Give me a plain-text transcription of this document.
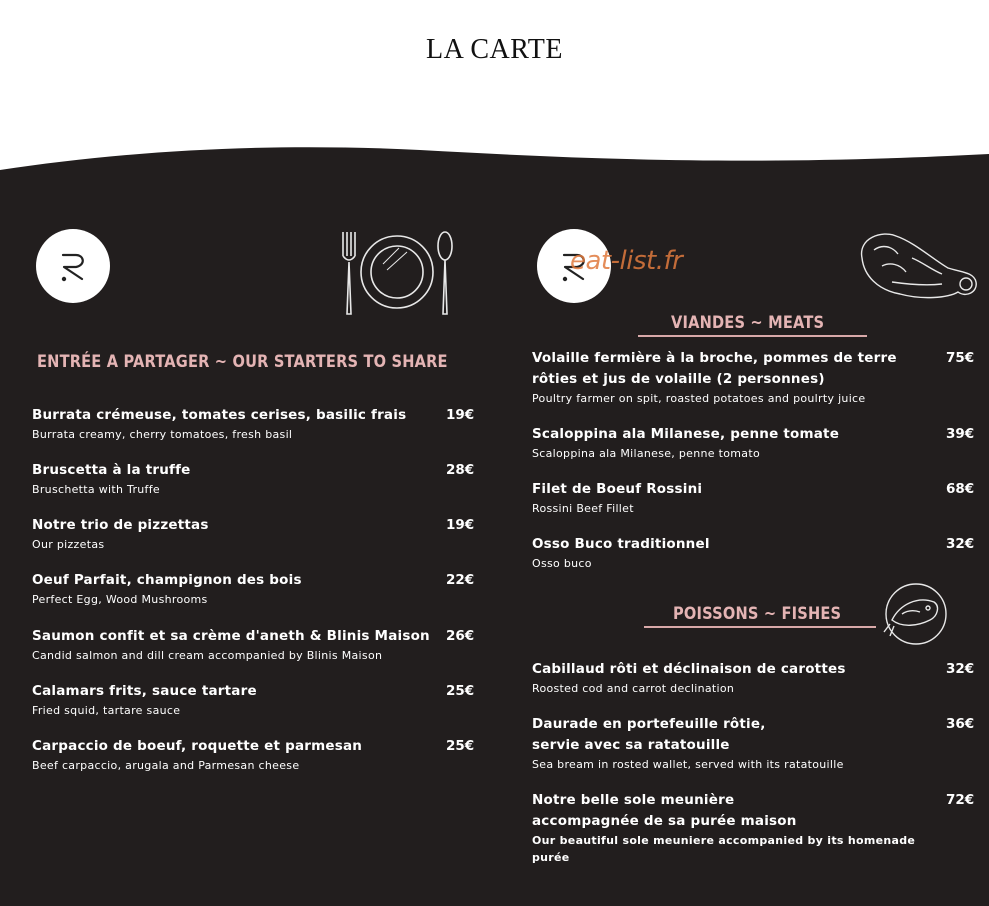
LA CARTE
eat-list.fr
ENTRÉE A PARTAGER ~ OUR STARTERS TO SHARE
VIANDES ~ MEATS
POISSONS ~ FISHES
Burrata crémeuse, tomates cerises, basilic frais
Burrata creamy, cherry tomatoes, fresh basil
19€
Bruscetta à la truffe
Bruschetta with Truffe
28€
Notre trio de pizzettas
Our pizzetas
19€
Oeuf Parfait, champignon des bois
Perfect Egg, Wood Mushrooms
22€
Saumon confit et sa crème d'aneth & Blinis Maison
Candid salmon and dill cream accompanied by Blinis Maison
26€
Calamars frits, sauce tartare
Fried squid, tartare sauce
25€
Carpaccio de boeuf, roquette et parmesan
Beef carpaccio, arugala and Parmesan cheese
25€
Volaille fermière à la broche, pommes de terre
rôties et jus de volaille (2 personnes)
Poultry farmer on spit, roasted potatoes and poulrty juice
75€
Scaloppina ala Milanese, penne tomate
Scaloppina ala Milanese, penne tomato
39€
Filet de Boeuf Rossini
Rossini Beef Fillet
68€
Osso Buco traditionnel
Osso buco
32€
Cabillaud rôti et déclinaison de carottes
Roosted cod and carrot declination
32€
Daurade en portefeuille rôtie,
servie avec sa ratatouille
Sea bream in rosted wallet, served with its ratatouille
36€
Notre belle sole meunière
accompagnée de sa purée maison
Our beautiful sole meuniere accompanied by its homenade
purée
72€
